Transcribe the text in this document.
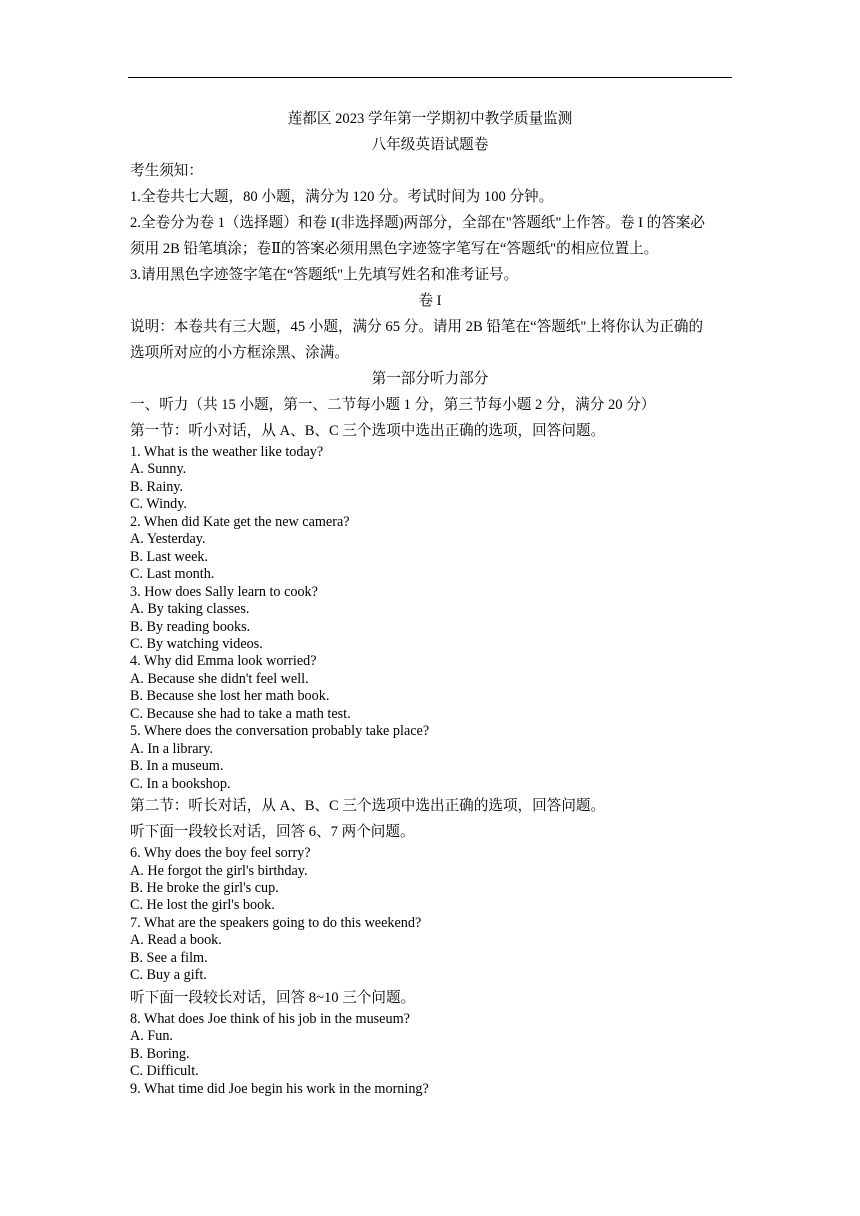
莲都区 2023 学年第一学期初中教学质量监测
八年级英语试题卷
考生须知：
1.全卷共七大题，80 小题，满分为 120 分。考试时间为 100 分钟。
2.全卷分为卷 1（选择题）和卷 I(非选择题)两部分，全部在"答题纸"上作答。卷 I 的答案必
须用 2B 铅笔填涂；卷Ⅱ的答案必须用黑色字迹签字笔写在“答题纸"的相应位置上。
3.请用黑色字迹签字笔在“答题纸"上先填写姓名和准考证号。
卷 I
说明：本卷共有三大题，45 小题，满分 65 分。请用 2B 铅笔在“答题纸"上将你认为正确的
选项所对应的小方框涂黑、涂满。
第一部分听力部分
一、听力（共 15 小题，第一、二节每小题 1 分，第三节每小题 2 分，满分 20 分）
第一节：听小对话，从 A、B、C 三个选项中选出正确的选项，回答问题。
1. What is the weather like today?
A. Sunny.
B. Rainy.
C. Windy.
2. When did Kate get the new camera?
A. Yesterday.
B. Last week.
C. Last month.
3. How does Sally learn to cook?
A. By taking classes.
B. By reading books.
C. By watching videos.
4. Why did Emma look worried?
A. Because she didn't feel well.
B. Because she lost her math book.
C. Because she had to take a math test.
5. Where does the conversation probably take place?
A. In a library.
B. In a museum.
C. In a bookshop.
第二节：听长对话，从 A、B、C 三个选项中选出正确的选项，回答问题。
听下面一段较长对话，回答 6、7 两个问题。
6. Why does the boy feel sorry?
A. He forgot the girl's birthday.
B. He broke the girl's cup.
C. He lost the girl's book.
7. What are the speakers going to do this weekend?
A. Read a book.
B. See a film.
C. Buy a gift.
听下面一段较长对话，回答 8~10 三个问题。
8. What does Joe think of his job in the museum?
A. Fun.
B. Boring.
C. Difficult.
9. What time did Joe begin his work in the morning?
